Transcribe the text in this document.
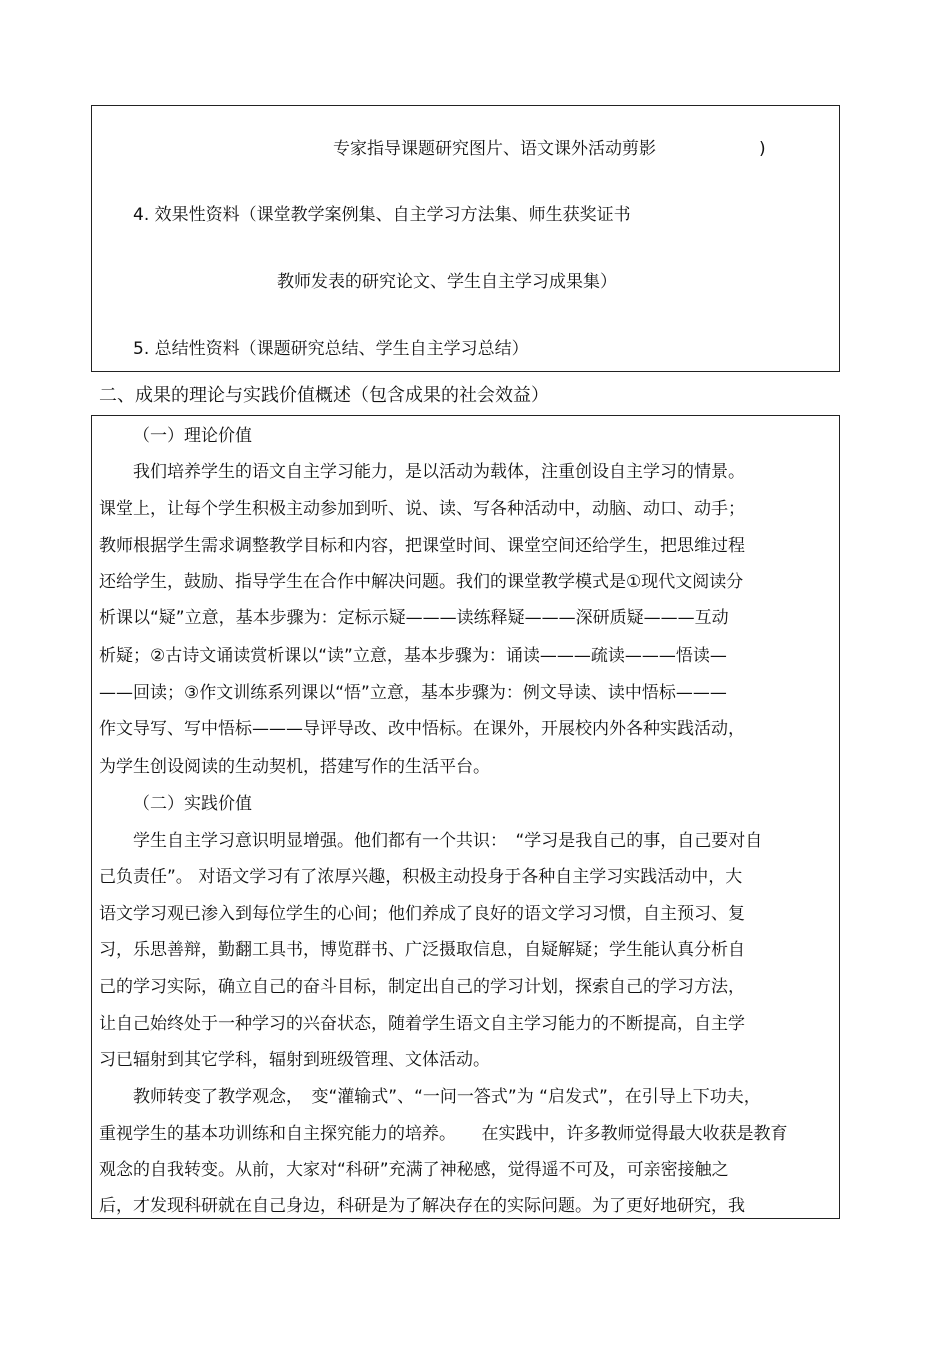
专家指导课题研究图片、语文课外活动剪影	)
4. 效果性资料（课堂教学案例集、自主学习方法集、师生获奖证书
教师发表的研究论文、学生自主学习成果集）
5. 总结性资料（课题研究总结、学生自主学习总结）
二、成果的理论与实践价值概述（包含成果的社会效益）
（一）理论价值
我们培养学生的语文自主学习能力，是以活动为载体，注重创设自主学习的情景。
课堂上，让每个学生积极主动参加到听、说、读、写各种活动中，动脑、动口、动手；
教师根据学生需求调整教学目标和内容，把课堂时间、课堂空间还给学生，把思维过程
还给学生，鼓励、指导学生在合作中解决问题。我们的课堂教学模式是①现代文阅读分
析课以“疑”立意，基本步骤为：定标示疑———读练释疑———深研质疑———互动
析疑；②古诗文诵读赏析课以“读”立意，基本步骤为：诵读———疏读———悟读—
——回读；③作文训练系列课以“悟”立意，基本步骤为：例文导读、读中悟标———
作文导写、写中悟标———导评导改、改中悟标。在课外，开展校内外各种实践活动，
为学生创设阅读的生动契机，搭建写作的生活平台。
（二）实践价值
学生自主学习意识明显增强。他们都有一个共识：　“学习是我自己的事，自己要对自
己负责任”。 对语文学习有了浓厚兴趣，积极主动投身于各种自主学习实践活动中，大
语文学习观已渗入到每位学生的心间；他们养成了良好的语文学习习惯，自主预习、复
习，乐思善辩，勤翻工具书，博览群书、广泛摄取信息，自疑解疑；学生能认真分析自
己的学习实际，确立自己的奋斗目标，制定出自己的学习计划，探索自己的学习方法，
让自己始终处于一种学习的兴奋状态，随着学生语文自主学习能力的不断提高，自主学
习已辐射到其它学科，辐射到班级管理、文体活动。
教师转变了教学观念，　变“灌输式”、“一问一答式”为 “启发式”，在引导上下功夫，
重视学生的基本功训练和自主探究能力的培养。　　在实践中，许多教师觉得最大收获是教育
观念的自我转变。从前，大家对“科研”充满了神秘感，觉得遥不可及，可亲密接触之
后，才发现科研就在自己身边，科研是为了解决存在的实际问题。为了更好地研究，我
